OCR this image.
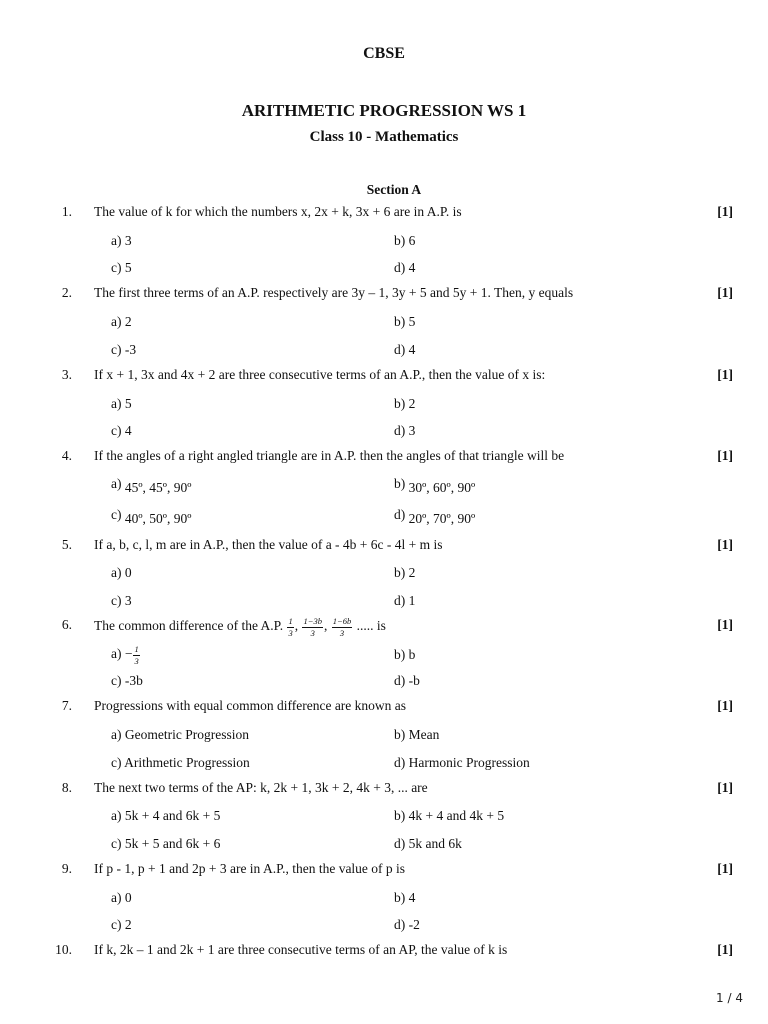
CBSE
ARITHMETIC PROGRESSION WS 1
Class 10 - Mathematics
Section A
1. The value of k for which the numbers x, 2x + k, 3x + 6 are in A.P. is	[1]
a) 3	b) 6
c) 5	d) 4
2. The first three terms of an A.P. respectively are 3y – 1, 3y + 5 and 5y + 1. Then, y equals	[1]
a) 2	b) 5
c) -3	d) 4
3. If x + 1, 3x and 4x + 2 are three consecutive terms of an A.P., then the value of x is:	[1]
a) 5	b) 2
c) 4	d) 3
4. If the angles of a right angled triangle are in A.P. then the angles of that triangle will be	[1]
a) 45º, 45º, 90º	b) 30º, 60º, 90º
c) 40º, 50º, 90º	d) 20º, 70º, 90º
5. If a, b, c, l, m are in A.P., then the value of a - 4b + 6c - 4l + m is	[1]
a) 0	b) 2
c) 3	d) 1
6. The common difference of the A.P. $\frac{1}{3}$ , $\frac{1-3b}{3}$ , $\frac{1-6b}{3}$ ..... is	[1]
$a) - \frac{1}{3}$	b) b
c) -3b	d) -b
7. Progressions with equal common difference are known as	[1]
a) Geometric Progression	b) Mean
c) Arithmetic Progression	d) Harmonic Progression
8. The next two terms of the AP: k, 2k + 1, 3k + 2, 4k + 3, ... are	[1]
a) 5k + 4 and 6k + 5	b) 4k + 4 and 4k + 5
c) 5k + 5 and 6k + 6	d) 5k and 6k
9. If p - 1, p + 1 and 2p + 3 are in A.P., then the value of p is	[1]
a) 0	b) 4
c) 2	d) -2
10. If k, 2k – 1 and 2k + 1 are three consecutive terms of an AP, the value of k is	[1]
1 / 4
